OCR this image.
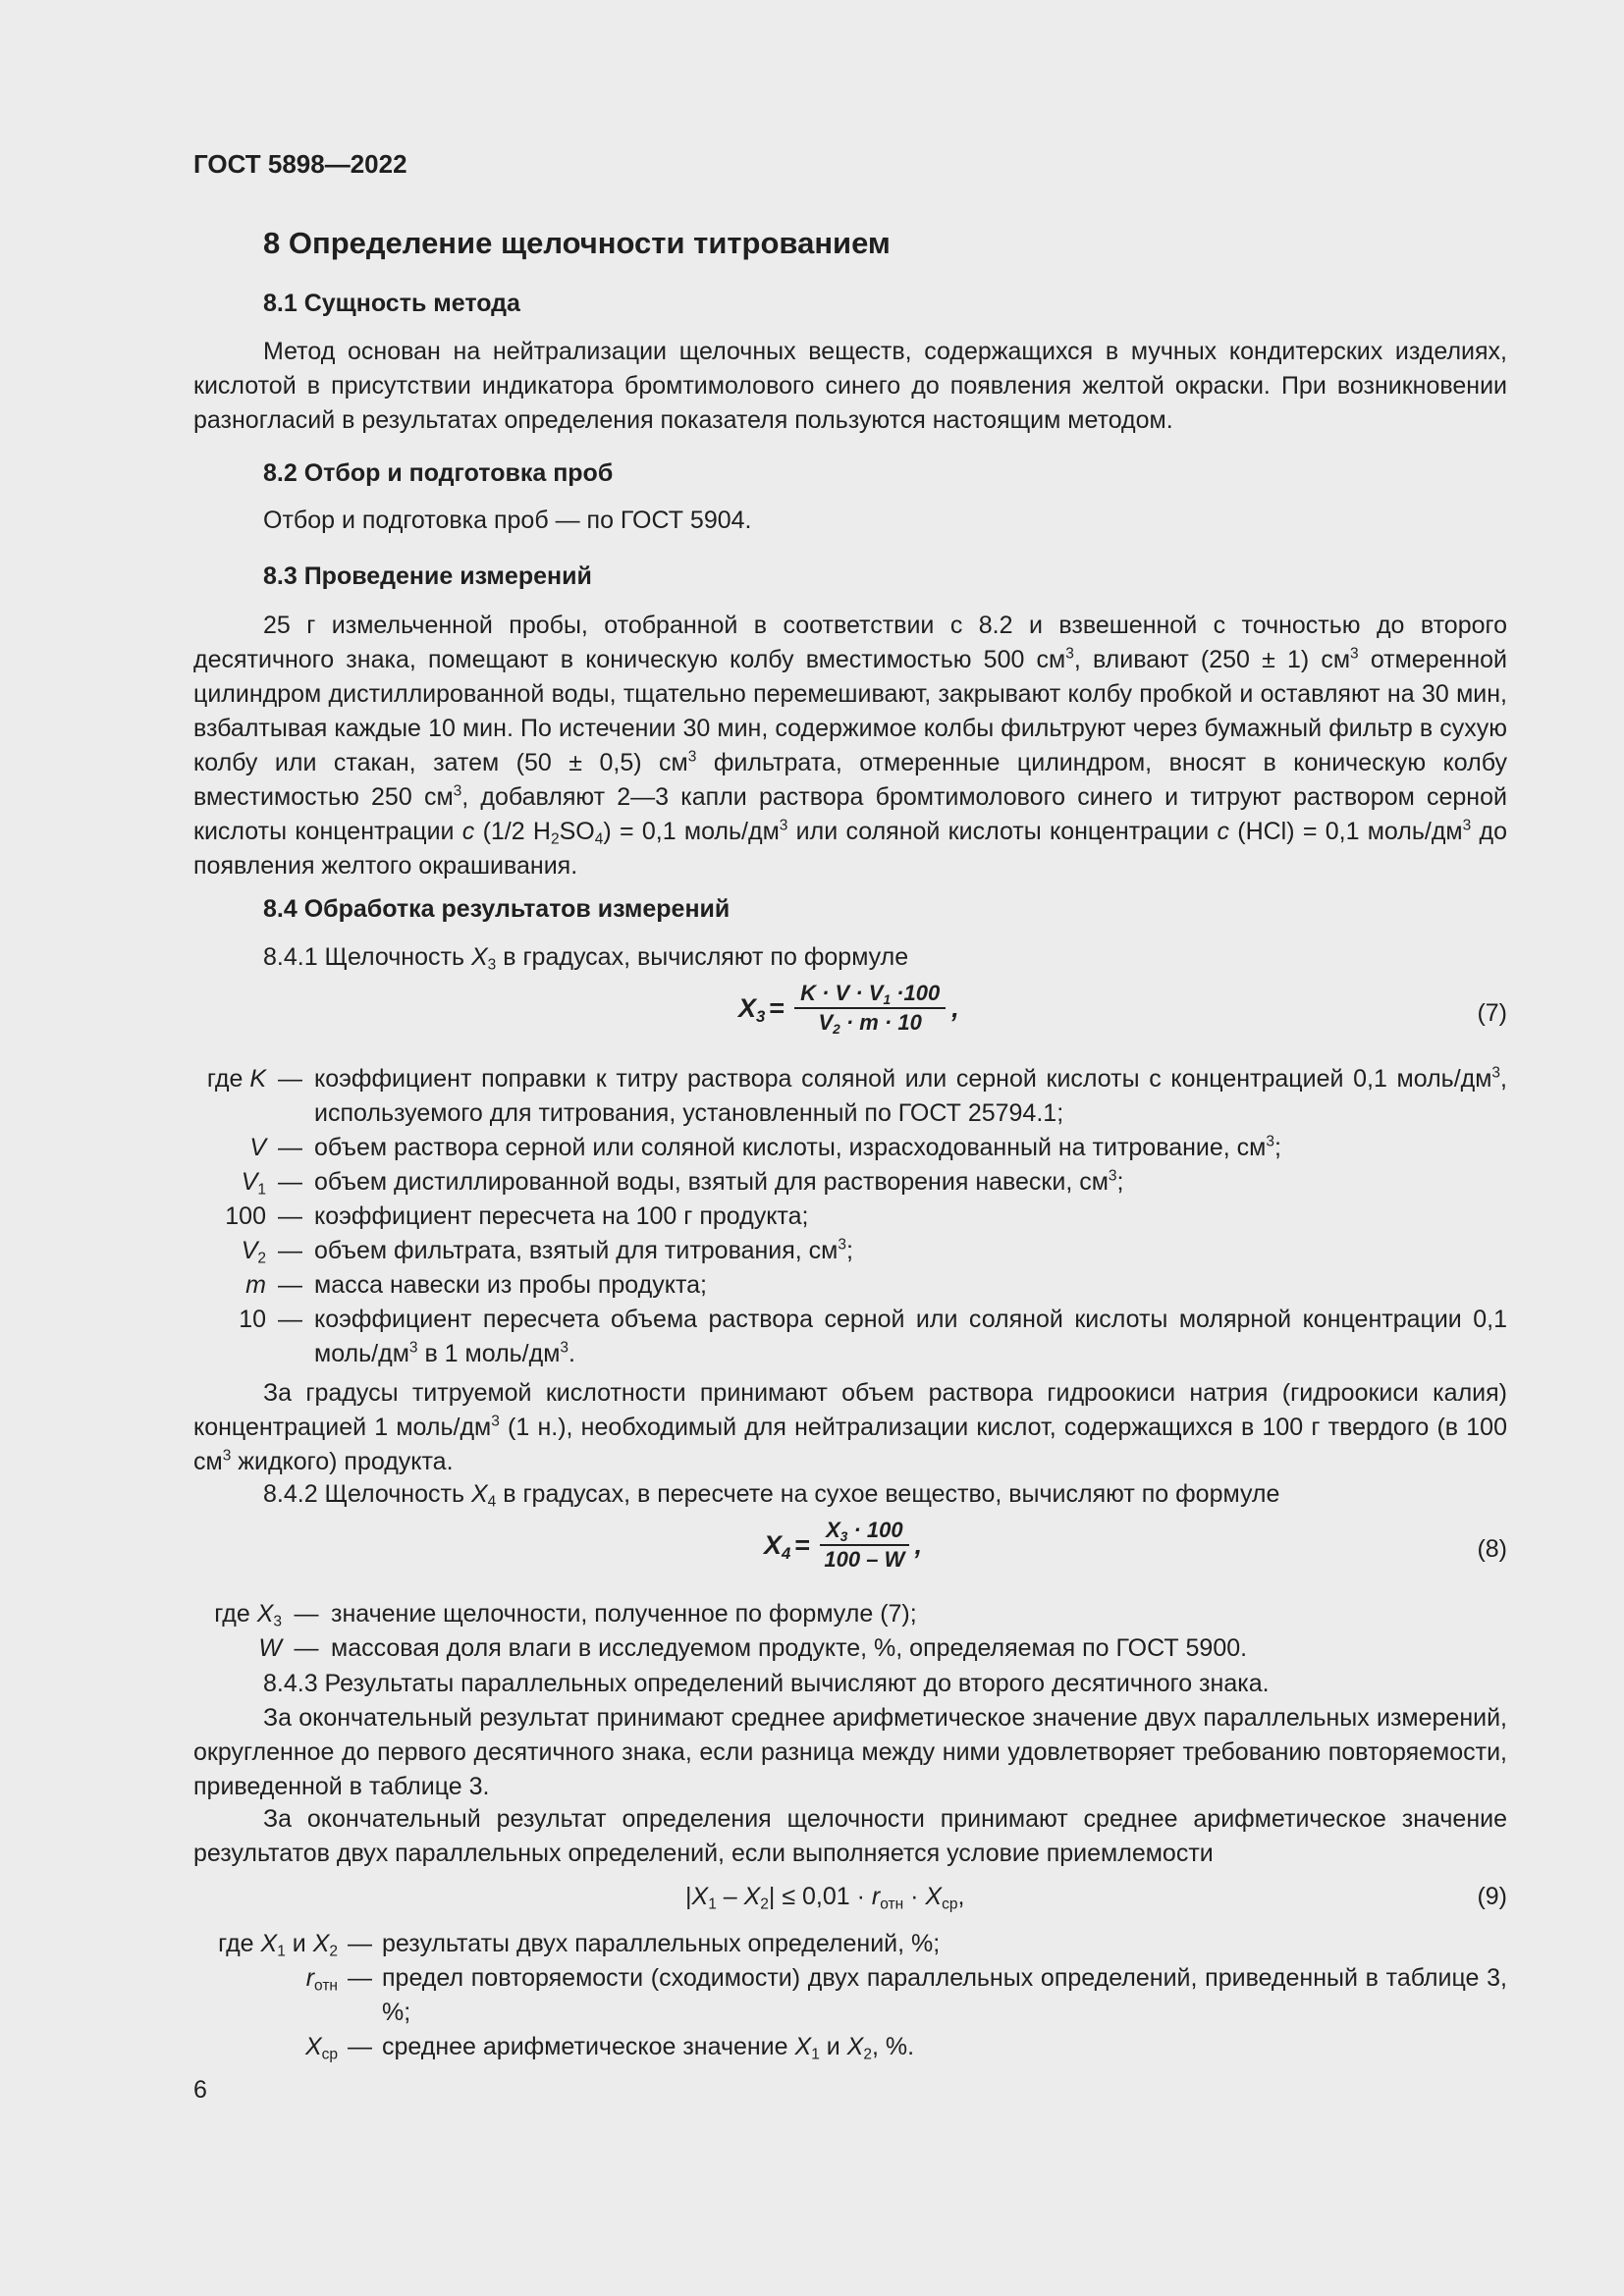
ГОСТ 5898—2022
8 Определение щелочности титрованием
8.1 Сущность метода

Метод основан на нейтрализации щелочных веществ, содержащихся в мучных кондитерских изделиях, кислотой в присутствии индикатора бромтимолового синего до появления желтой окраски. При возникновении разногласий в результатах определения показателя пользуются настоящим методом.

8.2 Отбор и подготовка проб
Отбор и подготовка проб — по ГОСТ 5904.
8.3 Проведение измерений

25 г измельченной пробы, отобранной в соответствии с 8.2 и взвешенной с точностью до второго десятичного знака, помещают в коническую колбу вместимостью 500 $см^3$, вливают (250 ± 1) $см^3$ отмеренной цилиндром дистиллированной воды, тщательно перемешивают, закрывают колбу пробкой и оставляют на 30 мин, взбалтывая каждые 10 мин. По истечении 30 мин, содержимое колбы фильтруют через бумажный фильтр в сухую колбу или стакан, затем (50 ± 0,5) $см^3$ фильтрата, отмеренные цилиндром, вносят в коническую колбу вместимостью 250 $см^3$, добавляют 2—3 капли раствора бромтимолового синего и титруют раствором серной кислоты концентрации c (1/2 $H_2SO_4) = 0,1$ моль/$дм^3$ или соляной кислоты концентрации c (HCl) = 0,1 моль/$дм^3$ до появления желтого окрашивания.

8.4 Обработка результатов измерений
8.4.1 Щелочность $X_3$ в градусах, вычисляют по формуле
$X_3 = \frac{K \cdot V \cdot V_1 \cdot 100}{V_2 \cdot m \cdot 10}$ ,	(7)
где K — коэффициент поправки к титру раствора соляной или серной кислоты с концентрацией 0,1 моль/$дм^3$, используемого для титрования, установленный по ГОСТ 25794.1;
V — объем раствора серной или соляной кислоты, израсходованный на титрование, $см^3$;
$V_1$ — объем дистиллированной воды, взятый для растворения навески, $см^3$;
100 — коэффициент пересчета на 100 г продукта;
$V_2$ — объем фильтрата, взятый для титрования, $см^3$;
m — масса навески из пробы продукта;
10 — коэффициент пересчета объема раствора серной или соляной кислоты молярной концентрации 0,1 моль/$дм^3$ в 1 моль/$дм^3$.

За градусы титруемой кислотности принимают объем раствора гидроокиси натрия (гидроокиси калия) концентрацией 1 моль/$дм^3$ (1 н.), необходимый для нейтрализации кислот, содержащихся в 100 г твердого (в 100 $см^3$ жидкого) продукта.

8.4.2 Щелочность $X_4$ в градусах, в пересчете на сухое вещество, вычисляют по формуле
$X_4 = \frac{X_3 \cdot 100}{100 - W}$ ,	(8)
где $X_3$ — значение щелочности, полученное по формуле (7);
W — массовая доля влаги в исследуемом продукте, %, определяемая по ГОСТ 5900.
8.4.3 Результаты параллельных определений вычисляют до второго десятичного знака.

За окончательный результат принимают среднее арифметическое значение двух параллельных измерений, округленное до первого десятичного знака, если разница между ними удовлетворяет требованию повторяемости, приведенной в таблице 3.

За окончательный результат определения щелочности принимают среднее арифметическое значение результатов двух параллельных определений, если выполняется условие приемлемости

$|X_1 - X_2| \le 0,01 \cdot r_{отн} \cdot X_{ср}$,	(9)
где $X_1$ и $X_2$ — результаты двух параллельных определений, %;
$r_{отн}$ — предел повторяемости (сходимости) двух параллельных определений, приведенный в таблице 3, %;
$X_{ср}$ — среднее арифметическое значение $X_1$ и $X_2$, %.
6
